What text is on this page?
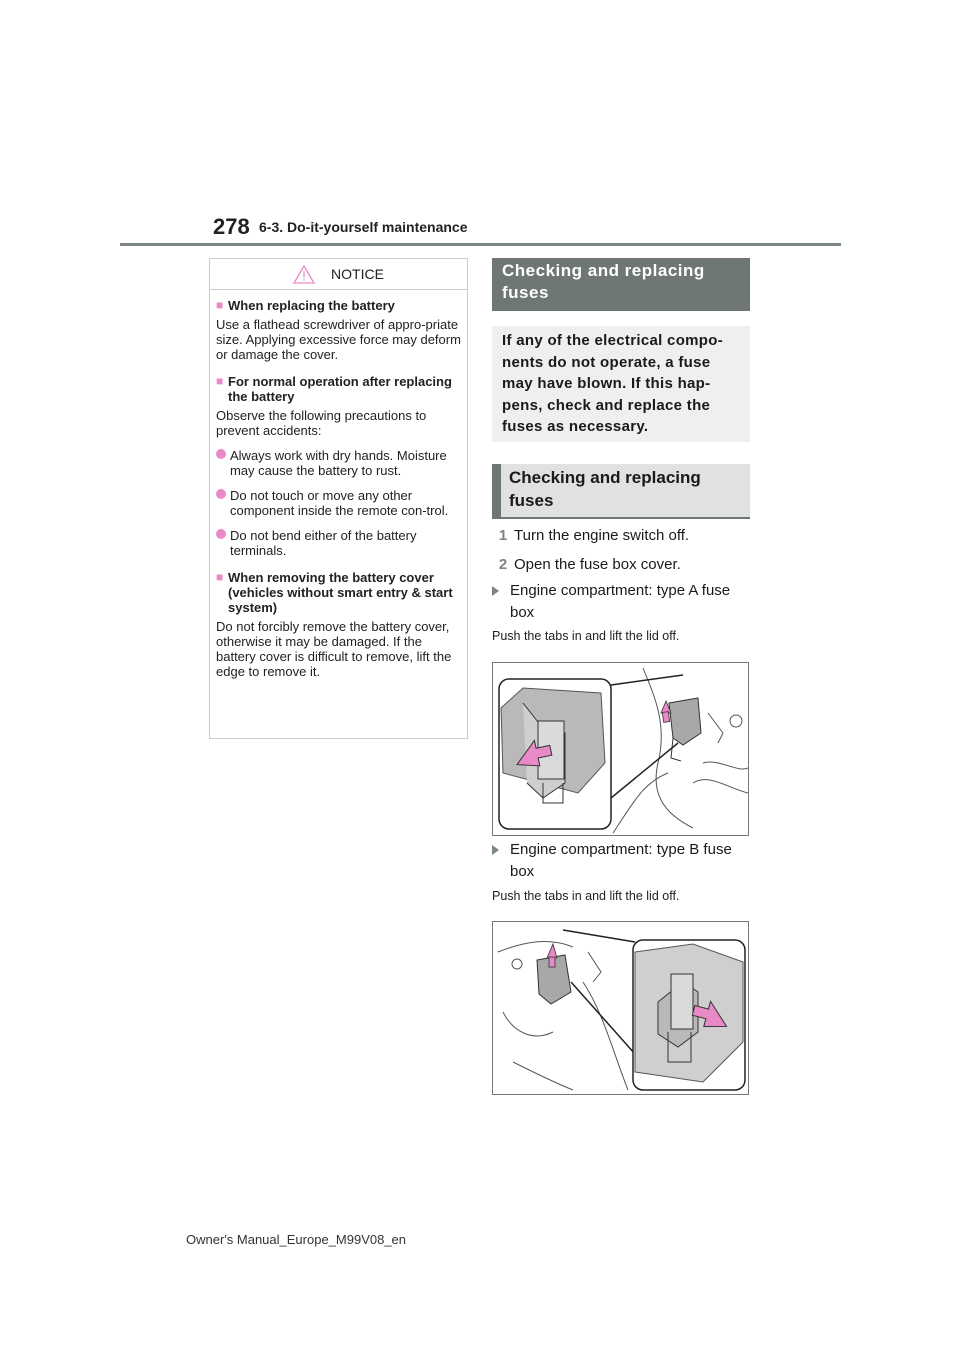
278 6-3. Do-it-yourself maintenance
NOTICE
■ When replacing the battery

Use a flathead screwdriver of appro-priate size. Applying excessive force may deform or damage the cover.

■ For normal operation after replacing the battery

Observe the following precautions to prevent accidents:

Always work with dry hands. Moisture may cause the battery to rust.
Do not touch or move any other component inside the remote con-trol.
Do not bend either of the battery terminals.
■ When removing the battery cover (vehicles without smart entry & start system)

Do not forcibly remove the battery cover, otherwise it may be damaged. If the battery cover is difficult to remove, lift the edge to remove it.

Checking and replacing fuses
If any of the electrical compo-nents do not operate, a fuse may have blown. If this hap-pens, check and replace the fuses as necessary.
Checking and replacing fuses
1 Turn the engine switch off.
2 Open the fuse box cover.
Engine compartment: type A fuse box
Push the tabs in and lift the lid off.
Engine compartment: type B fuse box
Push the tabs in and lift the lid off.
Owner's Manual_Europe_M99V08_en
